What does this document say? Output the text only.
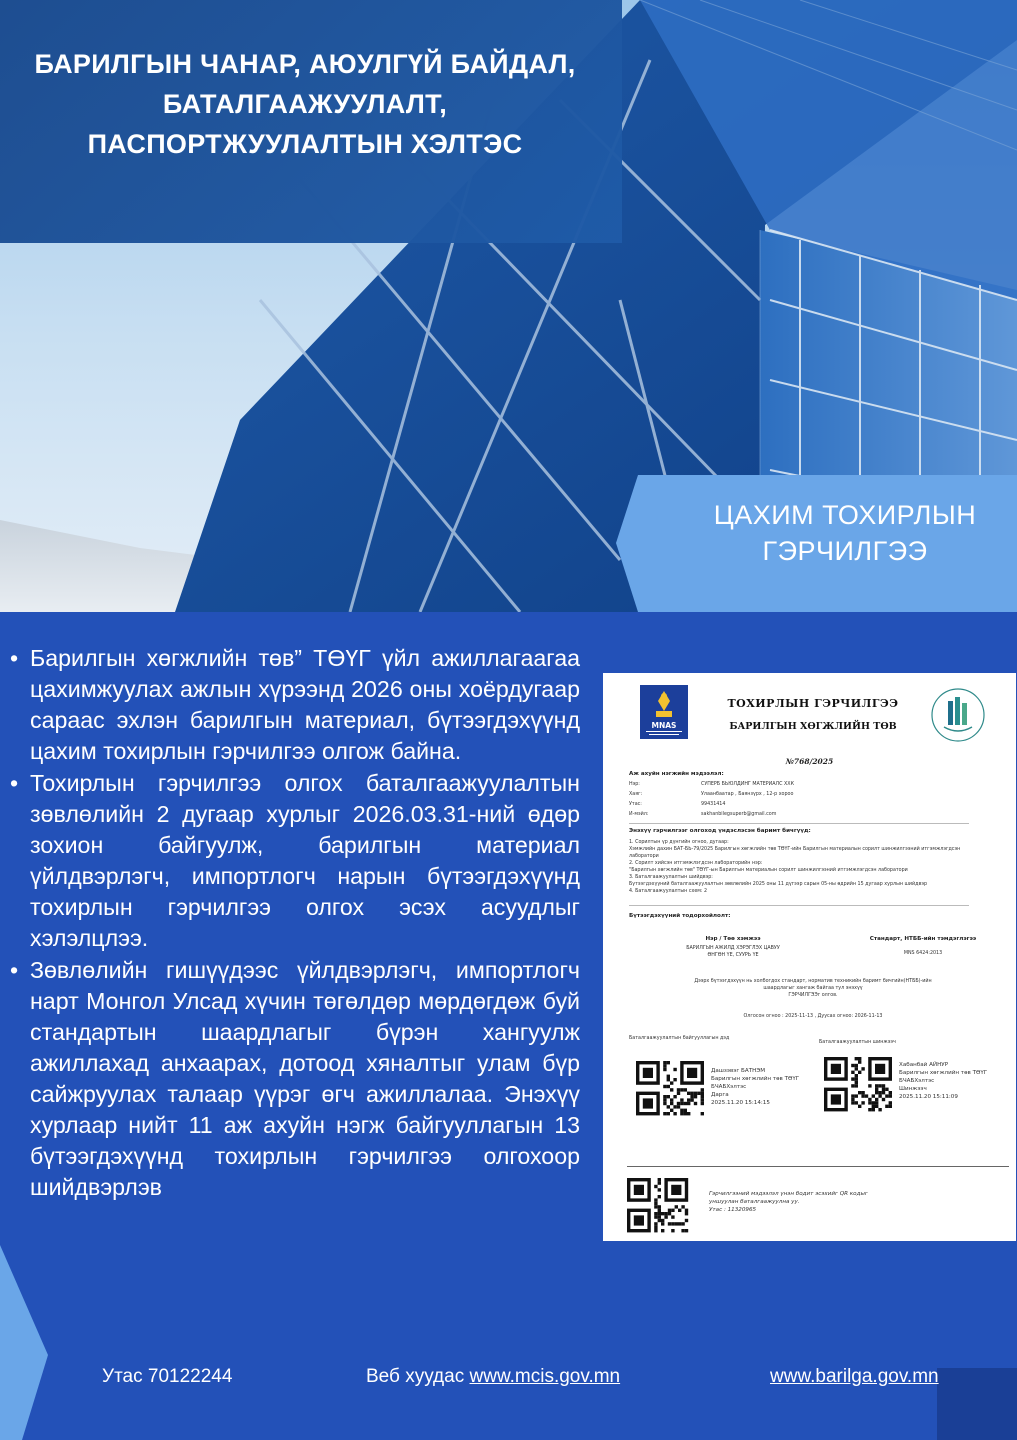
БАРИЛГЫН ЧАНАР, АЮУЛГҮЙ БАЙДАЛ,
БАТАЛГААЖУУЛАЛТ,
ПАСПОРТЖУУЛАЛТЫН ХЭЛТЭС
ЦАХИМ ТОХИРЛЫН
ГЭРЧИЛГЭЭ

• Барилгын хөгжлийн төв” ТӨҮГ үйл ажиллагаагаа цахимжуулах ажлын хүрээнд 2026 оны хоёрдугаар сараас эхлэн барилгын материал, бүтээгдэхүүнд цахим тохирлын гэрчилгээ олгож байна.

• Тохирлын гэрчилгээ олгох баталгаажуулалтын зөвлөлийн 2 дугаар хурлыг 2026.03.31-ний өдөр зохион байгуулж, барилгын материал үйлдвэрлэгч, импортлогч нарын бүтээгдэхүүнд тохирлын гэрчилгээ олгох эсэх асуудлыг хэлэлцлээ.

• Зөвлөлийн гишүүдээс үйлдвэрлэгч, импортлогч нарт Монгол Улсад хүчин төгөлдөр мөрдөгдөж буй стандартын шаардлагыг бүрэн хангуулж ажиллахад анхаарах, дотоод хяналтыг улам бүр сайжруулах талаар үүрэг өгч ажиллалаа. Энэхүү хурлаар нийт 11 аж ахуйн нэгж байгууллагын 13 бүтээгдэхүүнд тохирлын гэрчилгээ олгохоор шийдвэрлэв

MNAS
ТОХИРЛЫН ГЭРЧИЛГЭЭ
БАРИЛГЫН ХӨГЖЛИЙН ТӨВ
№768/2025
Аж ахуйн нэгжийн мэдээлэл:
Нэр:	СУПЕРБ БЬЮЛДИНГ МАТЕРИАЛС ХХК
Хаяг:	Улаанбаатар , Баянзүрх , 12-р хороо
Утас:	99431414
И-мэйл:	sakhanbilegsuperb@gmail.com
Энэхүү гэрчилгээг олгоход үндэслэсэн баримт бичгүүд:
1. Сорилтын үр дүнгийн огноо, дугаар:
Хэмжлийн дахин БАТ-БЬ-79/2025 Барилгын хөгжлийн төв ТӨҮГ-ийн Барилгын материалын сорилт шинжилгээний итгэмжлэгдсэн лаборатори
2. Сорилт хийсэн итгэмжлэгдсэн лабораторийн нэр:
"Барилгын хөгжлийн төв" ТӨҮГ-ын Барилгын материалын сорилт шинжилгээний итгэмжлэгдсэн лаборатори
3. Баталгаажуулалтын шийдвэр:
Бүтээгдэхүүний баталгаажуулалтын зөвлөлийн 2025 оны 11 дүгээр сарын 05-ны өдрийн 15 дугаар хурлын шийдвэр
4. Баталгаажуулалтын схем: 2
Бүтээгдэхүүний тодорхойлолт:
Нэр / Төө хэмжээ	Стандарт, НТББ-ийн тэмдэглэгээ
БАРИЛГЫН АЖИЛД ХЭРЭГЛЭХ ЦАВУУ
ӨНГӨН ҮЕ, СУУРЬ ҮЕ	MNS 6424:2013
Дээрх бүтээгдэхүүн нь холбогдох стандарт, норматив техникийн баримт бичгийн(НТББ)-ийн
шаардлагыг хангаж байгаа тул энэхүү
ГЭРЧИЛГЭЭг олгов.
Олгосон огноо : 2025-11-13 , Дуусах огноо: 2026-11-13
Баталгаажуулалтын байгууллагын дэд
Баталгаажуулалтын шинжээч
Дашзэвэг БАТНЭМ
Барилгын хөгжлийн төв ТӨҮГ
БЧАБХэлтэс
Дарга
2025.11.20 15:14:15
Хабанбай АЙНУР
Барилгын хөгжлийн төв ТӨҮГ
БЧАБХэлтэс
Шинжээч
2025.11.20 15:11:09
Гэрчилгээний мэдээлэл үнэн бодит эсэхийг QR кодыг
уншуулан баталгаажуулна уу.
Утас : 11320965
Утас 70122244	Веб хуудас www.mcis.gov.mn	www.barilga.gov.mn
